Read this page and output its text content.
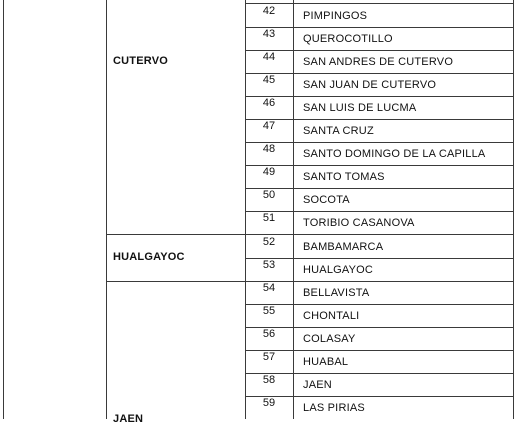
CUTERVO
HUALGAYOC
JAEN
42
43
44
45
46
47
48
49
50
51
52
53
54
55
56
57
58
59
PIMPINGOS
QUEROCOTILLO
SAN ANDRES DE CUTERVO
SAN JUAN DE CUTERVO
SAN LUIS DE LUCMA
SANTA CRUZ
SANTO DOMINGO DE LA CAPILLA
SANTO TOMAS
SOCOTA
TORIBIO CASANOVA
BAMBAMARCA
HUALGAYOC
BELLAVISTA
CHONTALI
COLASAY
HUABAL
JAEN
LAS PIRIAS
